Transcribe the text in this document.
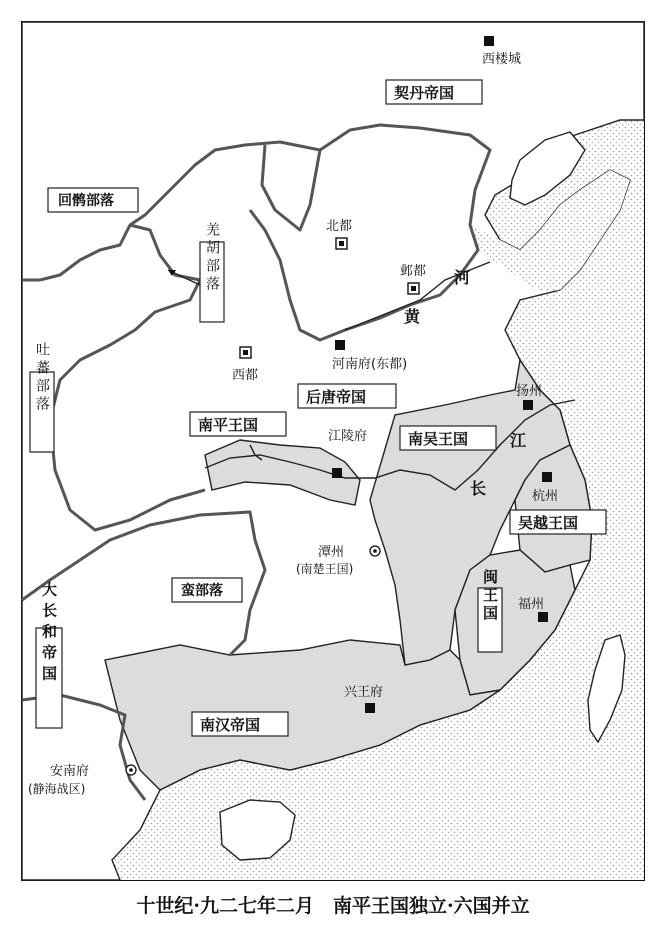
西楼城
北都
邺都
河南府(东都)
西都
江陵府
扬州
杭州
潭州
(南楚王国)
福州
兴王府
安南府
(静海战区)
契丹帝国
回鹘部落
羌胡部落
吐蕃部落	后唐帝国
南平王国
南吴王国
吴越王国
蛮部落	闽王国
南汉帝国
大长和帝国
河
黄
江
长
十世纪·九二七年二月　南平王国独立·六国并立
